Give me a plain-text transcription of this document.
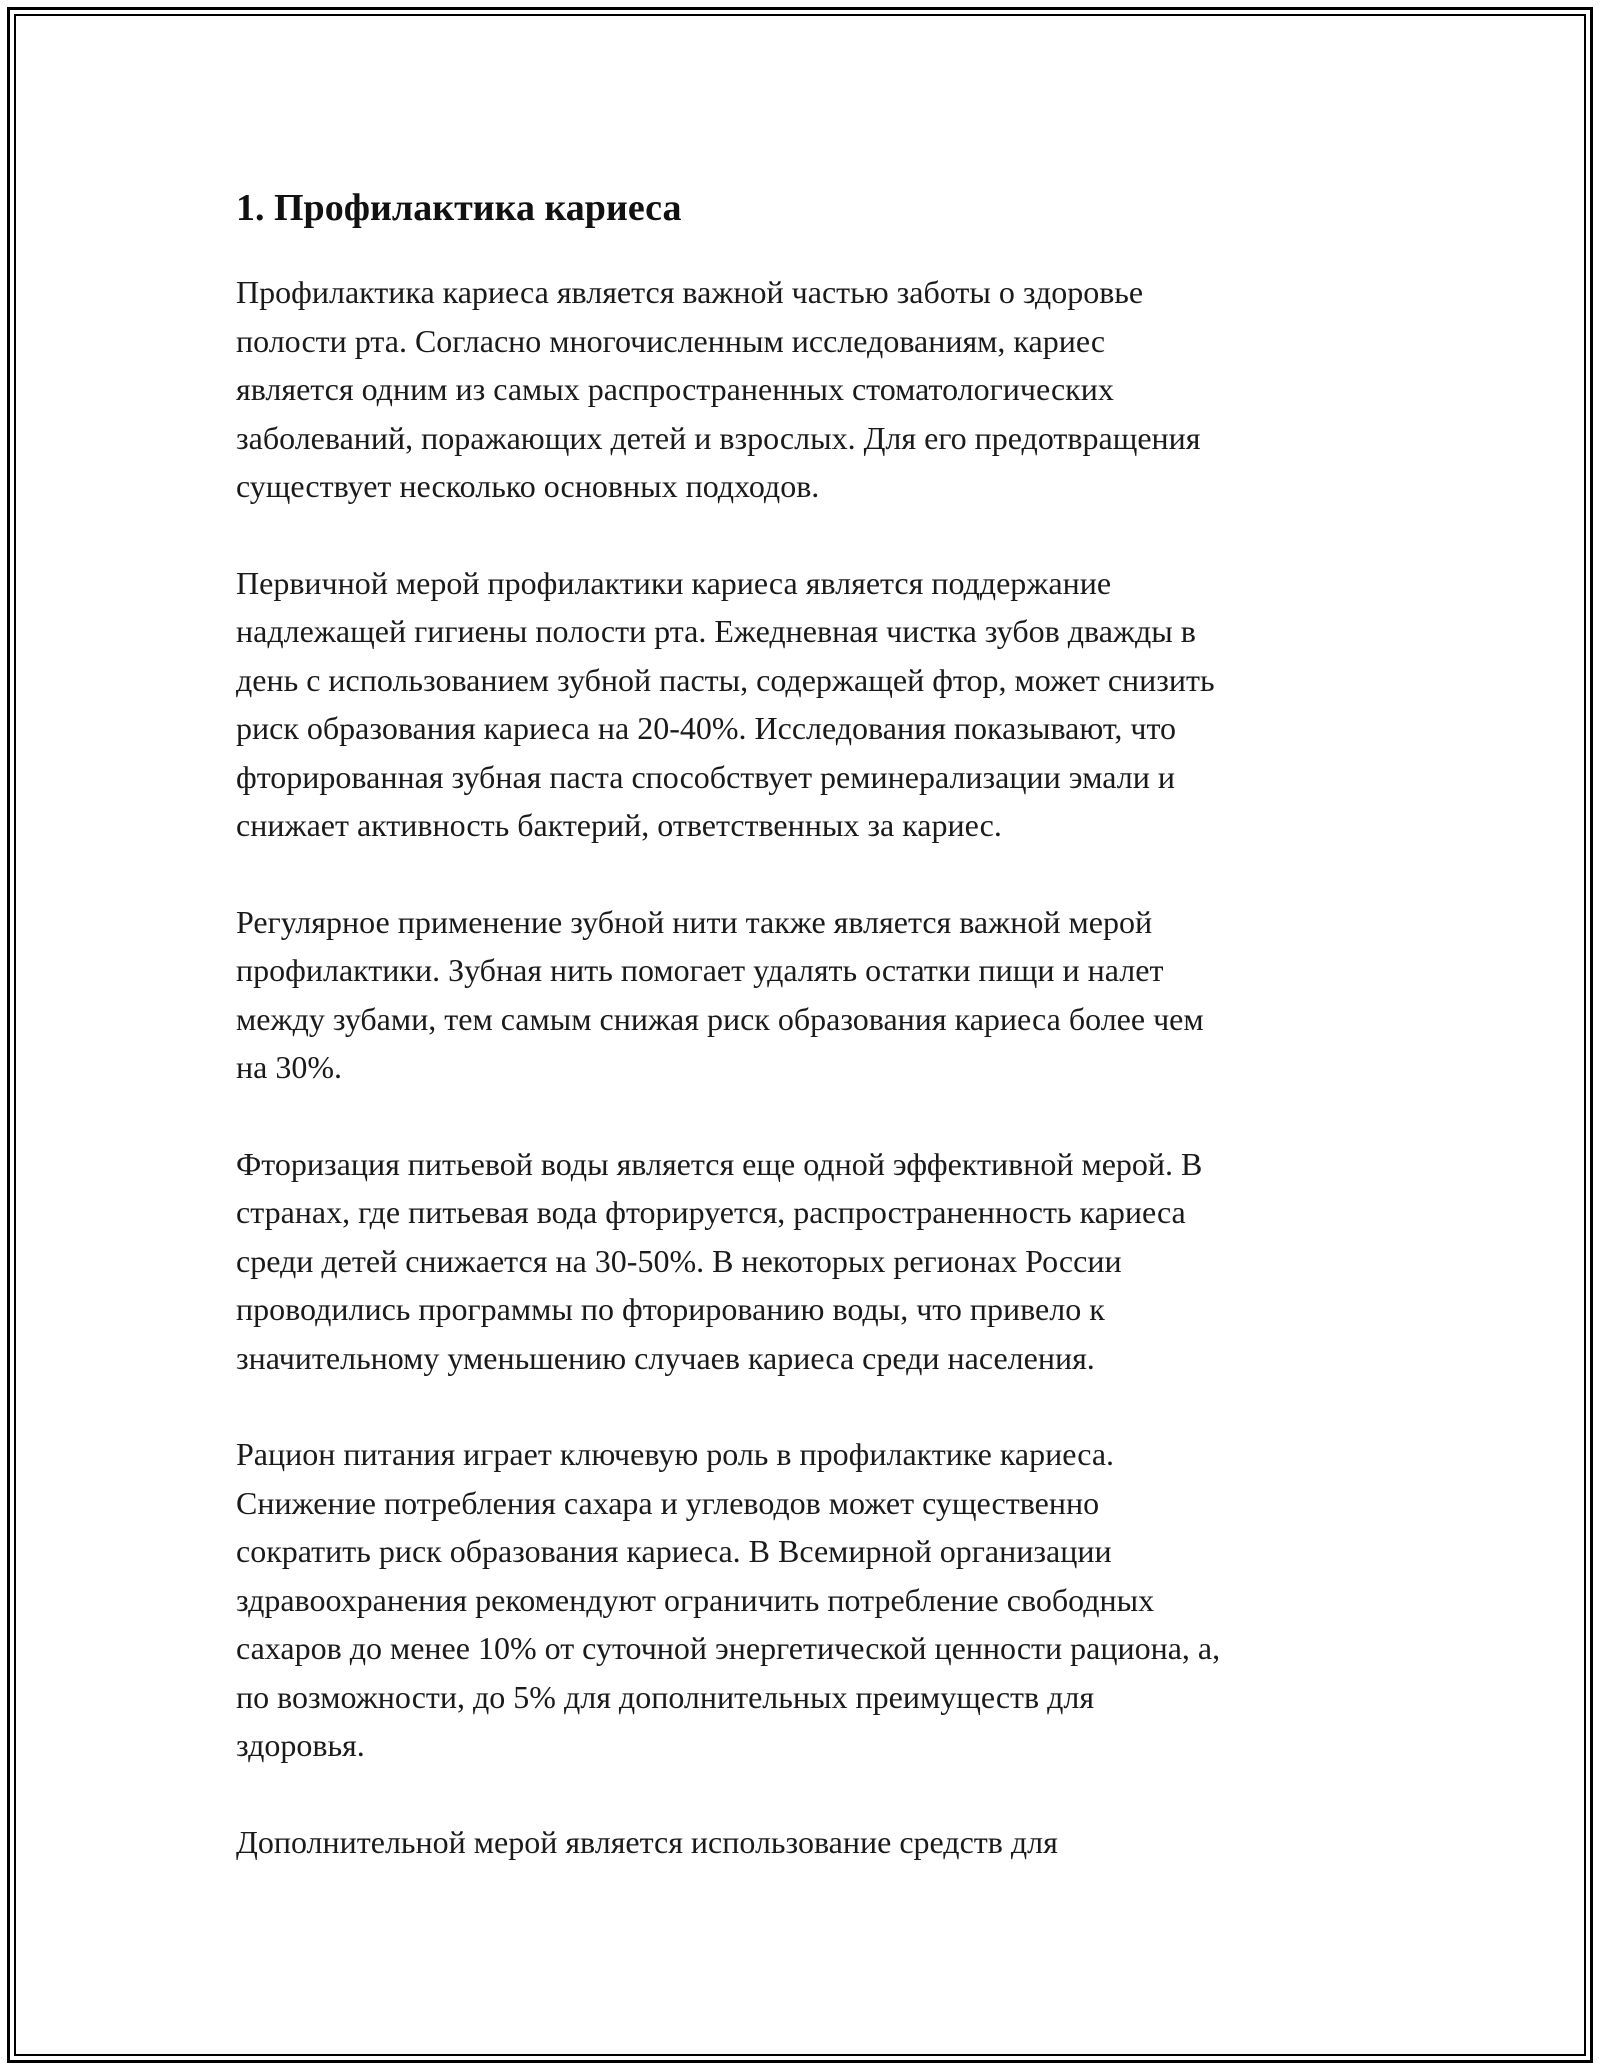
1. Профилактика кариеса
Профилактика кариеса является важной частью заботы о здоровье
полости рта. Согласно многочисленным исследованиям, кариес
является одним из самых распространенных стоматологических
заболеваний, поражающих детей и взрослых. Для его предотвращения
существует несколько основных подходов.
Первичной мерой профилактики кариеса является поддержание
надлежащей гигиены полости рта. Ежедневная чистка зубов дважды в
день с использованием зубной пасты, содержащей фтор, может снизить
риск образования кариеса на 20-40%. Исследования показывают, что
фторированная зубная паста способствует реминерализации эмали и
снижает активность бактерий, ответственных за кариес.
Регулярное применение зубной нити также является важной мерой
профилактики. Зубная нить помогает удалять остатки пищи и налет
между зубами, тем самым снижая риск образования кариеса более чем
на 30%.
Фторизация питьевой воды является еще одной эффективной мерой. В
странах, где питьевая вода фторируется, распространенность кариеса
среди детей снижается на 30-50%. В некоторых регионах России
проводились программы по фторированию воды, что привело к
значительному уменьшению случаев кариеса среди населения.
Рацион питания играет ключевую роль в профилактике кариеса.
Снижение потребления сахара и углеводов может существенно
сократить риск образования кариеса. В Всемирной организации
здравоохранения рекомендуют ограничить потребление свободных
сахаров до менее 10% от суточной энергетической ценности рациона, а,
по возможности, до 5% для дополнительных преимуществ для
здоровья.
Дополнительной мерой является использование средств для
